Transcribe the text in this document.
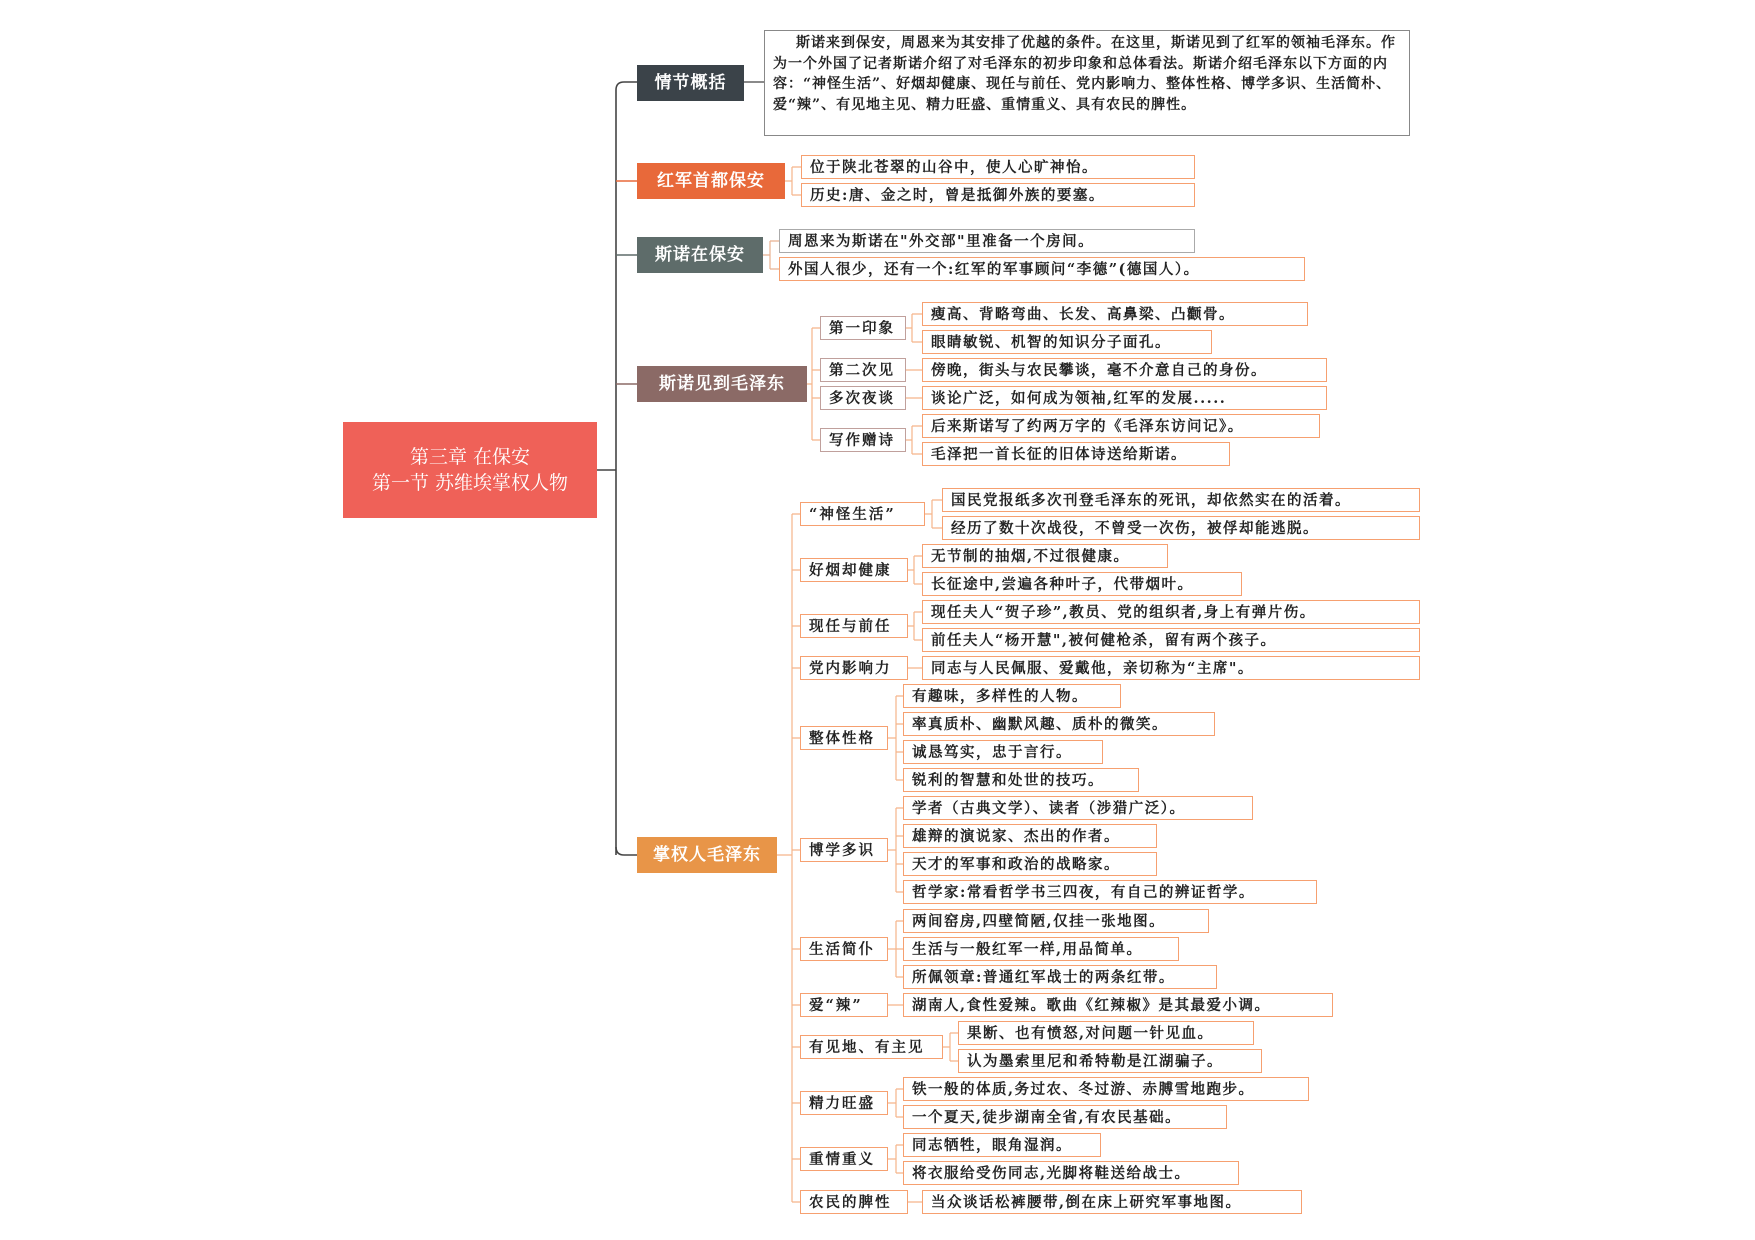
第三章 在保安
第一节 苏维埃掌权人物
情节概括
红军首都保安
斯诺在保安
斯诺见到毛泽东
掌权人毛泽东
  斯诺来到保安，周恩来为其安排了优越的条件。在这里，斯诺见到了红军的领袖毛泽东。作为一个外国了记者斯诺介绍了对毛泽东的初步印象和总体看法。斯诺介绍毛泽东以下方面的内容：“神怪生活”、好烟却健康、现任与前任、党内影响力、整体性格、博学多识、生活简朴、爱“辣”、有见地主见、精力旺盛、重情重义、具有农民的脾性。
位于陕北苍翠的山谷中，使人心旷神怡。
历史:唐、金之时，曾是抵御外族的要塞。
周恩来为斯诺在"外交部"里准备一个房间。
外国人很少，还有一个:红军的军事顾问“李德”(德国人）。
第一印象
第二次见
多次夜谈
写作赠诗
瘦高、背略弯曲、长发、高鼻梁、凸颧骨。
眼睛敏锐、机智的知识分子面孔。
傍晚，街头与农民攀谈，毫不介意自己的身份。
谈论广泛，如何成为领袖,红军的发展.....
后来斯诺写了约两万字的《毛泽东访问记》。
毛泽把一首长征的旧体诗送给斯诺。
“神怪生活”
好烟却健康
现任与前任
党内影响力
整体性格
博学多识
生活简仆
爱“辣”
有见地、有主见
精力旺盛
重情重义
农民的脾性
国民党报纸多次刊登毛泽东的死讯，却依然实在的活着。
经历了数十次战役，不曾受一次伤，被俘却能逃脱。
无节制的抽烟,不过很健康。
长征途中,尝遍各种叶子，代带烟叶。
现任夫人“贺子珍”,教员、党的组织者,身上有弹片伤。
前任夫人“杨开慧",被何健枪杀，留有两个孩子。
同志与人民佩服、爱戴他，亲切称为“主席"。
有趣味，多样性的人物。
率真质朴、幽默风趣、质朴的微笑。
诚恳笃实，忠于言行。
锐利的智慧和处世的技巧。
学者（古典文学）、读者（涉猎广泛）。
雄辩的演说家、杰出的作者。
天才的军事和政治的战略家。
哲学家:常看哲学书三四夜，有自己的辨证哲学。
两间窑房,四壁简陋,仅挂一张地图。
生活与一般红军一样,用品简单。
所佩领章:普通红军战士的两条红带。
湖南人,食性爱辣。歌曲《红辣椒》是其最爱小调。
果断、也有愤怒,对问题一针见血。
认为墨索里尼和希特勒是江湖骗子。
铁一般的体质,务过农、冬过游、赤膊雪地跑步。
一个夏天,徒步湖南全省,有农民基础。
同志牺牲，眼角湿润。
将衣服给受伤同志,光脚将鞋送给战士。
当众谈话松裤腰带,倒在床上研究军事地图。
